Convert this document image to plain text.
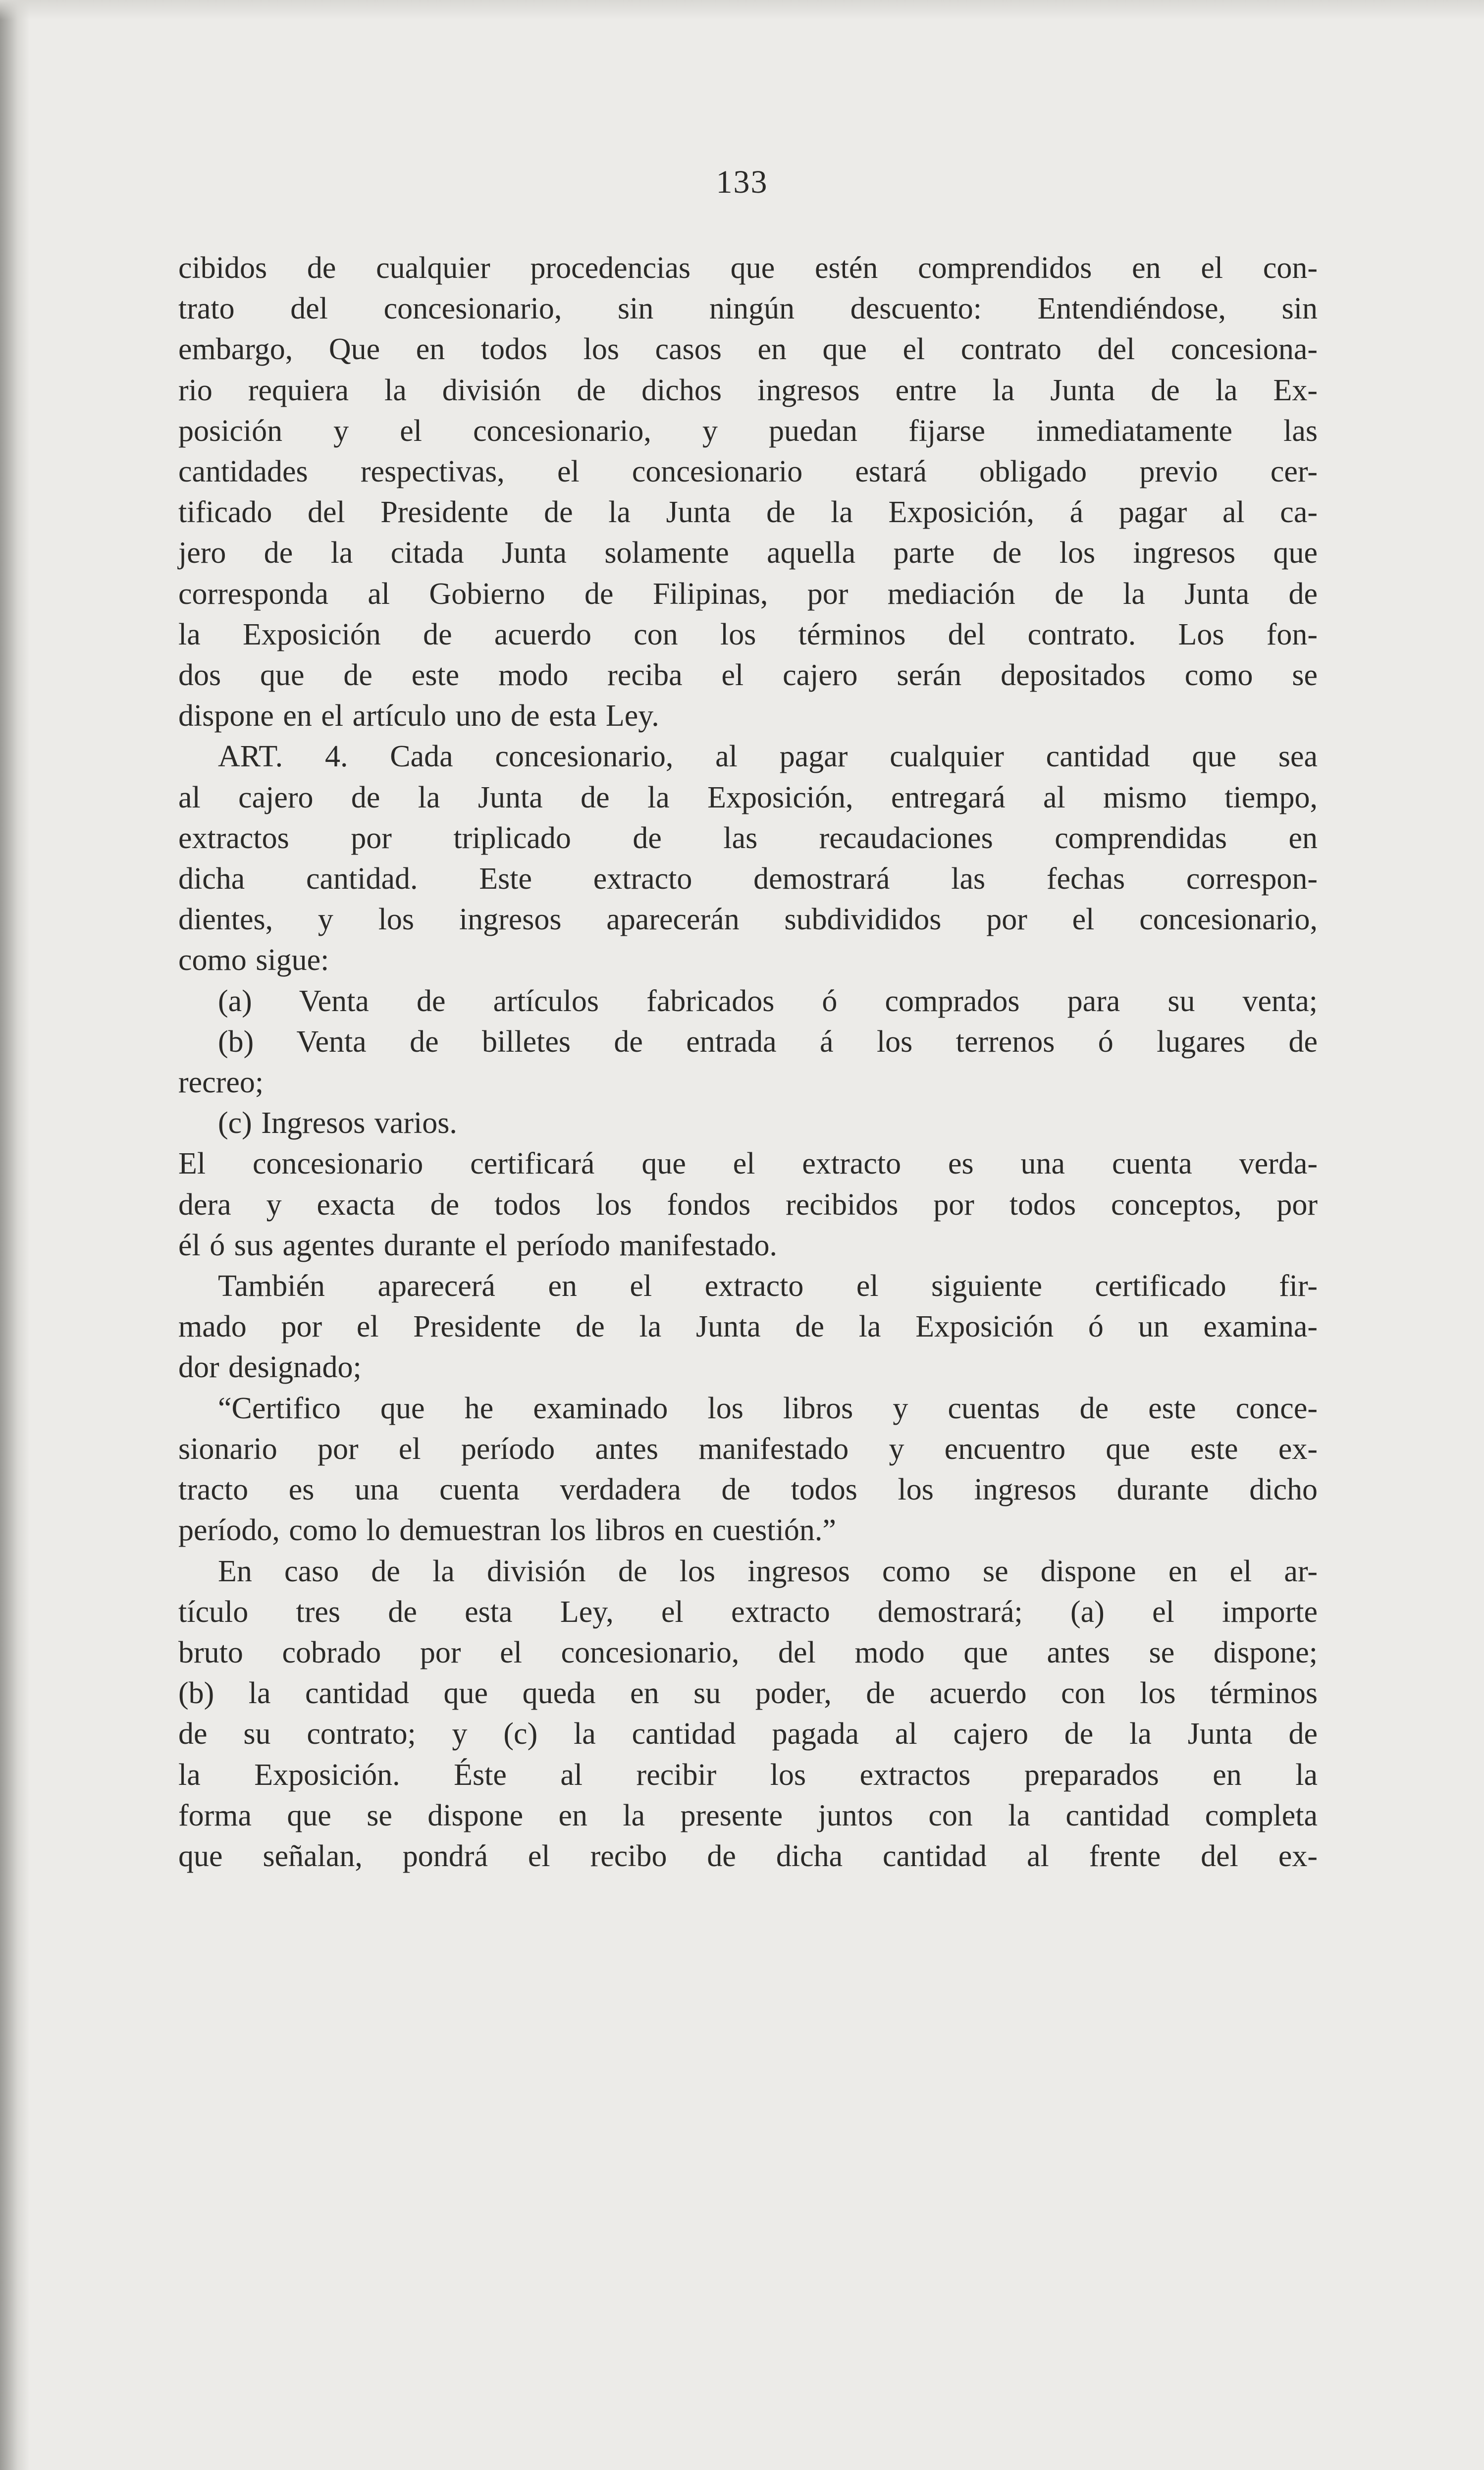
133
cibidos de cualquier procedencias que estén comprendidos en el con-
trato del concesionario, sin ningún descuento: Entendiéndose, sin
embargo, Que en todos los casos en que el contrato del concesiona-
rio requiera la división de dichos ingresos entre la Junta de la Ex-
posición y el concesionario, y puedan fijarse inmediatamente las
cantidades respectivas, el concesionario estará obligado previo cer-
tificado del Presidente de la Junta de la Exposición, á pagar al ca-
jero de la citada Junta solamente aquella parte de los ingresos que
corresponda al Gobierno de Filipinas, por mediación de la Junta de
la Exposición de acuerdo con los términos del contrato. Los fon-
dos que de este modo reciba el cajero serán depositados como se
dispone en el artículo uno de esta Ley.
ART. 4. Cada concesionario, al pagar cualquier cantidad que sea
al cajero de la Junta de la Exposición, entregará al mismo tiempo,
extractos por triplicado de las recaudaciones comprendidas en
dicha cantidad. Este extracto demostrará las fechas correspon-
dientes, y los ingresos aparecerán subdivididos por el concesionario,
como sigue:
(a) Venta de artículos fabricados ó comprados para su venta;
(b) Venta de billetes de entrada á los terrenos ó lugares de
recreo;
(c) Ingresos varios.
El concesionario certificará que el extracto es una cuenta verda-
dera y exacta de todos los fondos recibidos por todos conceptos, por
él ó sus agentes durante el período manifestado.
También aparecerá en el extracto el siguiente certificado fir-
mado por el Presidente de la Junta de la Exposición ó un examina-
dor designado;
“Certifico que he examinado los libros y cuentas de este conce-
sionario por el período antes manifestado y encuentro que este ex-
tracto es una cuenta verdadera de todos los ingresos durante dicho
período, como lo demuestran los libros en cuestión.”
En caso de la división de los ingresos como se dispone en el ar-
tículo tres de esta Ley, el extracto demostrará; (a) el importe
bruto cobrado por el concesionario, del modo que antes se dispone;
(b) la cantidad que queda en su poder, de acuerdo con los términos
de su contrato; y (c) la cantidad pagada al cajero de la Junta de
la Exposición. Éste al recibir los extractos preparados en la
forma que se dispone en la presente juntos con la cantidad completa
que señalan, pondrá el recibo de dicha cantidad al frente del ex-
